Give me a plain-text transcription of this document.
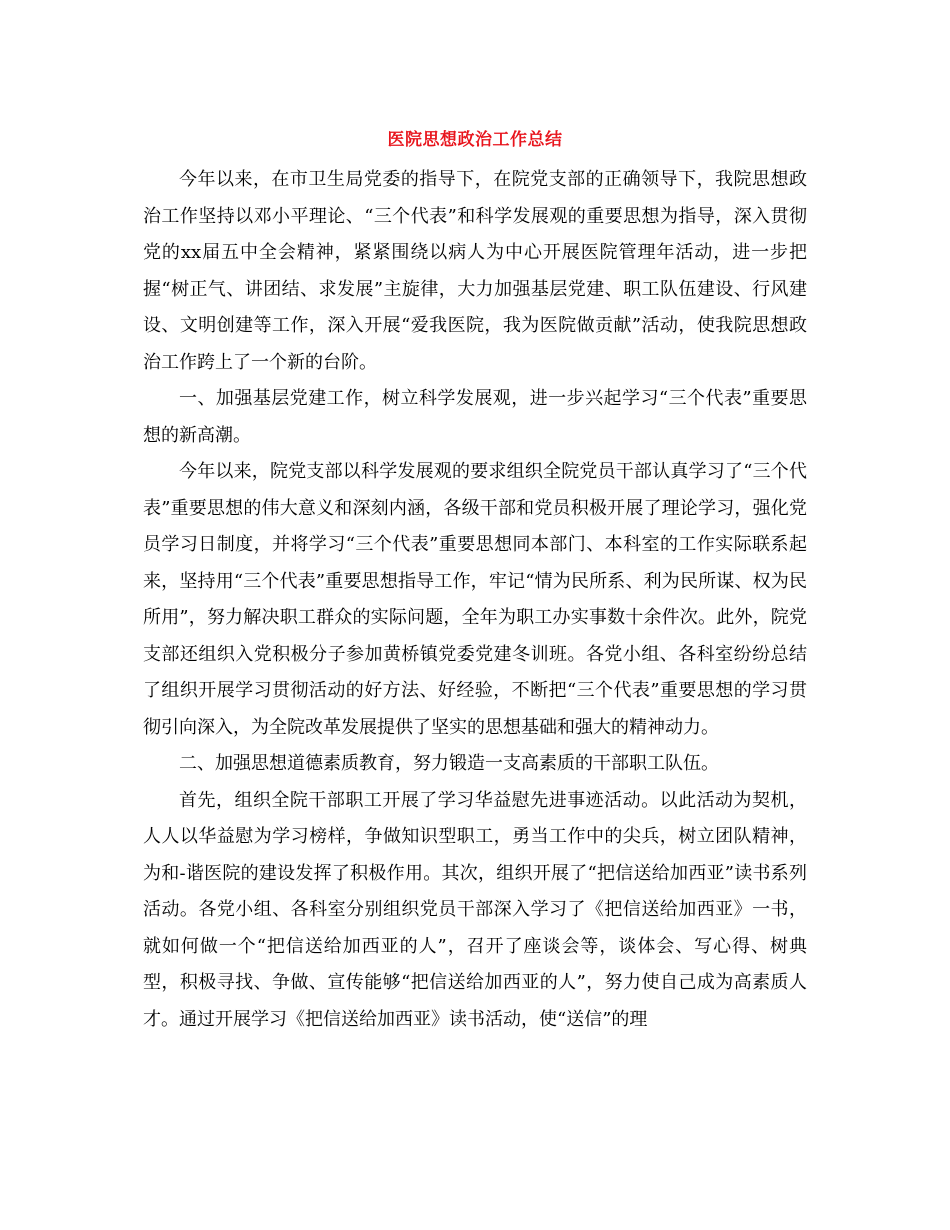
医院思想政治工作总结

今年以来，在市卫生局党委的指导下，在院党支部的正确领导下，我院思想政治工作坚持以邓小平理论、“三个代表”和科学发展观的重要思想为指导，深入贯彻党的xx届五中全会精神，紧紧围绕以病人为中心开展医院管理年活动，进一步把握“树正气、讲团结、求发展”主旋律，大力加强基层党建、职工队伍建设、行风建设、文明创建等工作，深入开展“爱我医院，我为医院做贡献”活动，使我院思想政治工作跨上了一个新的台阶。

一、加强基层党建工作，树立科学发展观，进一步兴起学习“三个代表”重要思想的新高潮。

今年以来，院党支部以科学发展观的要求组织全院党员干部认真学习了“三个代表”重要思想的伟大意义和深刻内涵，各级干部和党员积极开展了理论学习，强化党员学习日制度，并将学习“三个代表”重要思想同本部门、本科室的工作实际联系起来，坚持用“三个代表”重要思想指导工作，牢记“情为民所系、利为民所谋、权为民所用”，努力解决职工群众的实际问题，全年为职工办实事数十余件次。此外，院党支部还组织入党积极分子参加黄桥镇党委党建冬训班。各党小组、各科室纷纷总结了组织开展学习贯彻活动的好方法、好经验，不断把“三个代表”重要思想的学习贯彻引向深入，为全院改革发展提供了坚实的思想基础和强大的精神动力。

二、加强思想道德素质教育，努力锻造一支高素质的干部职工队伍。

首先，组织全院干部职工开展了学习华益慰先进事迹活动。以此活动为契机，人人以华益慰为学习榜样，争做知识型职工，勇当工作中的尖兵，树立团队精神，为和-谐医院的建设发挥了积极作用。其次，组织开展了“把信送给加西亚”读书系列活动。各党小组、各科室分别组织党员干部深入学习了《把信送给加西亚》一书，就如何做一个“把信送给加西亚的人”，召开了座谈会等，谈体会、写心得、树典型，积极寻找、争做、宣传能够“把信送给加西亚的人”，努力使自己成为高素质人才。通过开展学习《把信送给加西亚》读书活动，使“送信”的理
